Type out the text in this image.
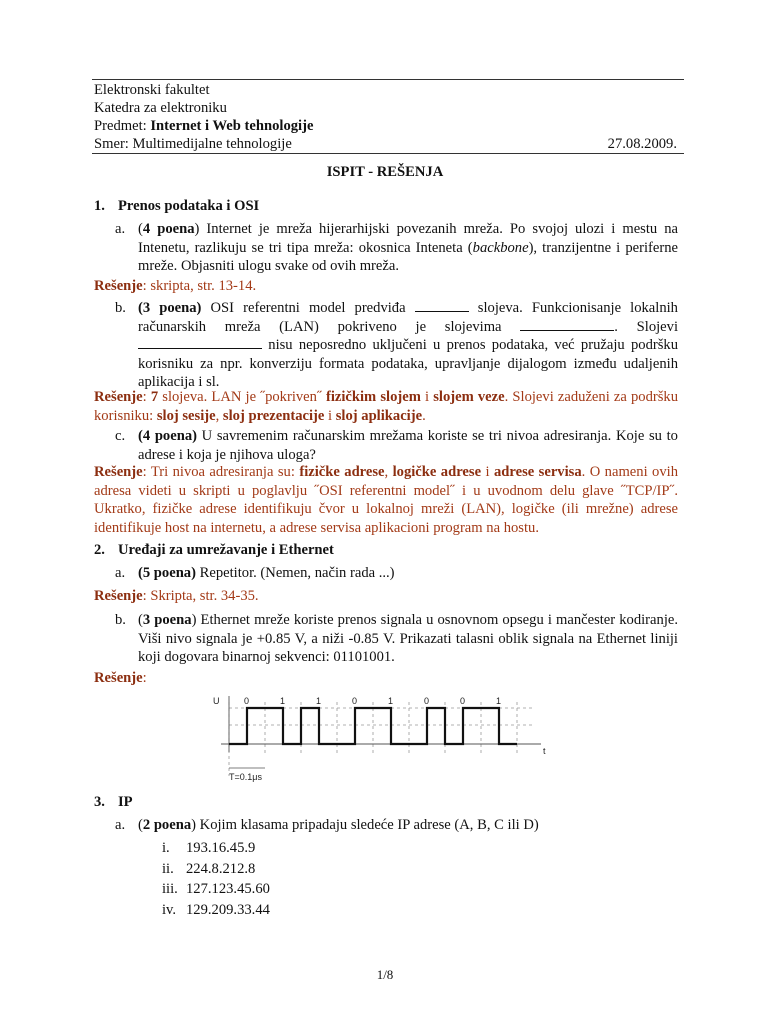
Elektronski fakultet
Katedra za elektroniku
Predmet: Internet i Web tehnologije
Smer: Multimedijalne tehnologije	27.08.2009.
ISPIT - REŠENJA
1. Prenos podataka i OSI
a. (4 poena) Internet je mreža hijerarhijski povezanih mreža. Po svojoj ulozi i mestu na Intenetu, razlikuju se tri tipa mreža: okosnica Inteneta (backbone), tranzijentne i periferne mreže. Objasniti ulogu svake od ovih mreža.
Rešenje: skripta, str. 13-14.
b. (3 poena) OSI referentni model predviđa	slojeva. Funkcionisanje lokalnih računarskih mreža (LAN) pokriveno je slojevima	. Slojevi  nisu neposredno uključeni u prenos podataka, već pružaju podršku korisniku za npr. konverziju formata podataka, upravljanje dijalogom između udaljenih aplikacija i sl.
Rešenje: 7 slojeva. LAN je ˝pokriven˝ fizičkim slojem i slojem veze. Slojevi zaduženi za podršku korisniku: sloj sesije, sloj prezentacije i sloj aplikacije.
c. (4 poena) U savremenim računarskim mrežama koriste se tri nivoa adresiranja. Koje su to adrese i koja je njihova uloga?
Rešenje: Tri nivoa adresiranja su: fizičke adrese, logičke adrese i adrese servisa. O nameni ovih adresa videti u skripti u poglavlju ˝OSI referentni model˝ i u uvodnom delu glave ˝TCP/IP˝. Ukratko, fizičke adrese identifikuju čvor u lokalnoj mreži (LAN), logičke (ili mrežne) adrese identifikuje host na internetu, a adrese servisa aplikacioni program na hostu.
2. Uređaji za umrežavanje i Ethernet
a. (5 poena) Repetitor. (Nemen, način rada ...)
Rešenje: Skripta, str. 34-35.
b. (3 poena) Ethernet mreže koriste prenos signala u osnovnom opsegu i mančester kodiranje. Viši nivo signala je +0.85 V, a niži -0.85 V. Prikazati talasni oblik signala na Ethernet liniji koji dogovara binarnoj sekvenci: 01101001.
Rešenje:
0	1	1	0	1	0	0	1
U
t
T=0.1μs
3. IP
a. (2 poena) Kojim klasama pripadaju sledeće IP adrese (A, B, C ili D)
i. 193.16.45.9
ii. 224.8.212.8
iii. 127.123.45.60
iv. 129.209.33.44
1/8
